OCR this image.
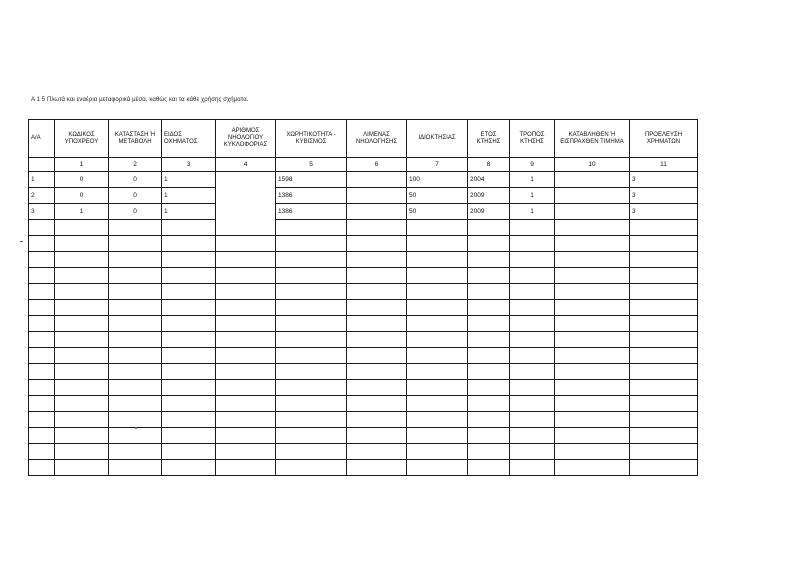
Α 1 5 Πλωτά και εναέρια μεταφορικά μέσα, καθώς και τα κάθε χρήσης σχήματα.
Α/Α	ΚΩΔΙΚΟΣ ΥΠΟΧΡΕΟΥ	ΚΑΤΑΣΤΑΣΗ Ή ΜΕΤΑΒΟΛΗ	ΕΙΔΟΣ ΟΧΗΜΑΤΟΣ	ΑΡΙΘΜΟΣ ΝΗΟΛΟΓΙΟΥ ΚΥΚΛΟΦΟΡΙΑΣ	ΧΩΡΗΤΙΚΟΤΗΤΑ - ΚΥΒΙΣΜΟΣ	ΛΙΜΕΝΑΣ ΝΗΟΛΟΓΗΣΗΣ	ΙΔΙΟΚΤΗΣΙΑΣ	ΕΤΟΣ ΚΤΗΣΗΣ	ΤΡΟΠΟΣ ΚΤΗΣΗΣ	ΚΑΤΑΒΛΗΘΕΝ Ή ΕΙΣΠΡΑΧΘΕΝ ΤΙΜΗΜΑ	ΠΡΟΕΛΕΥΣΗ ΧΡΗΜΑΤΩΝ
	1	2	3	4	5	6	7	8	9	10	11
1	0	0	1		1598		100	2004	1		3
2	0	0	1		1386		50	2009	1		3
3	1	0	1		1386		50	2009	1		3
